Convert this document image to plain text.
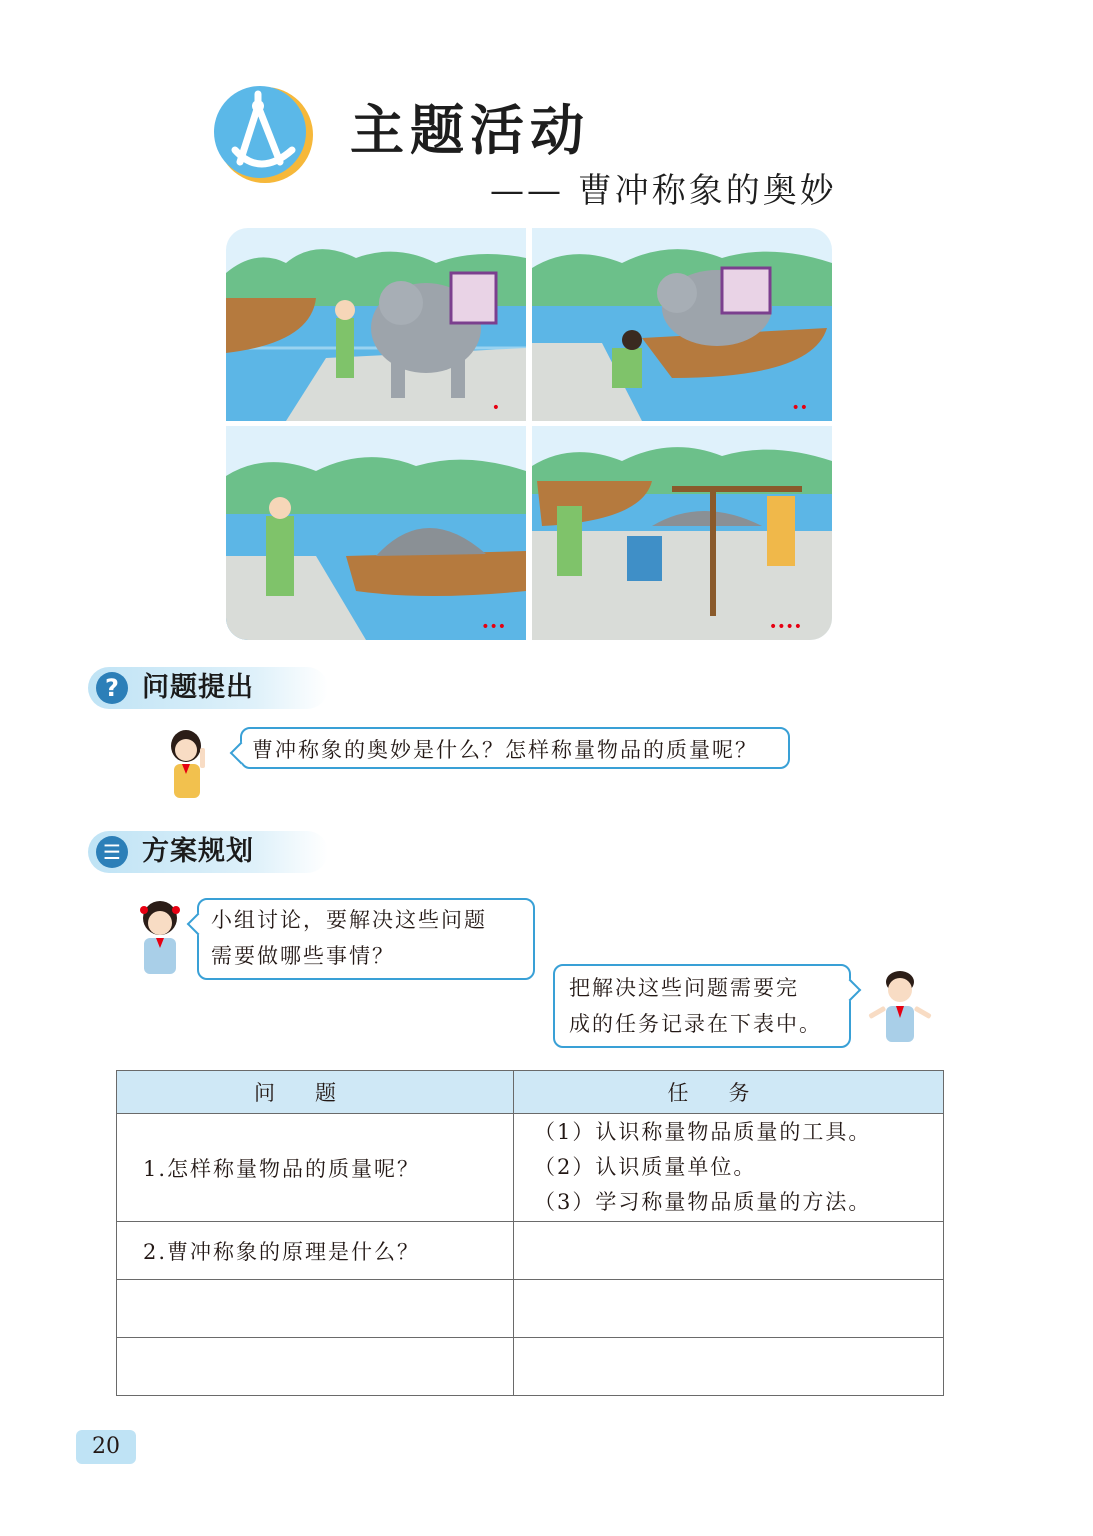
主题活动
—— 曹冲称象的奥妙
•	••
•••	••••
? 问题提出
曹冲称象的奥妙是什么？怎样称量物品的质量呢？
☰ 方案规划
小组讨论，要解决这些问题
需要做哪些事情？
把解决这些问题需要完
成的任务记录在下表中。
问题	任务
1.怎样称量物品的质量呢？	（1）认识称量物品质量的工具。
（2）认识质量单位。
（3）学习称量物品质量的方法。

2.曹冲称象的原理是什么？	

20
